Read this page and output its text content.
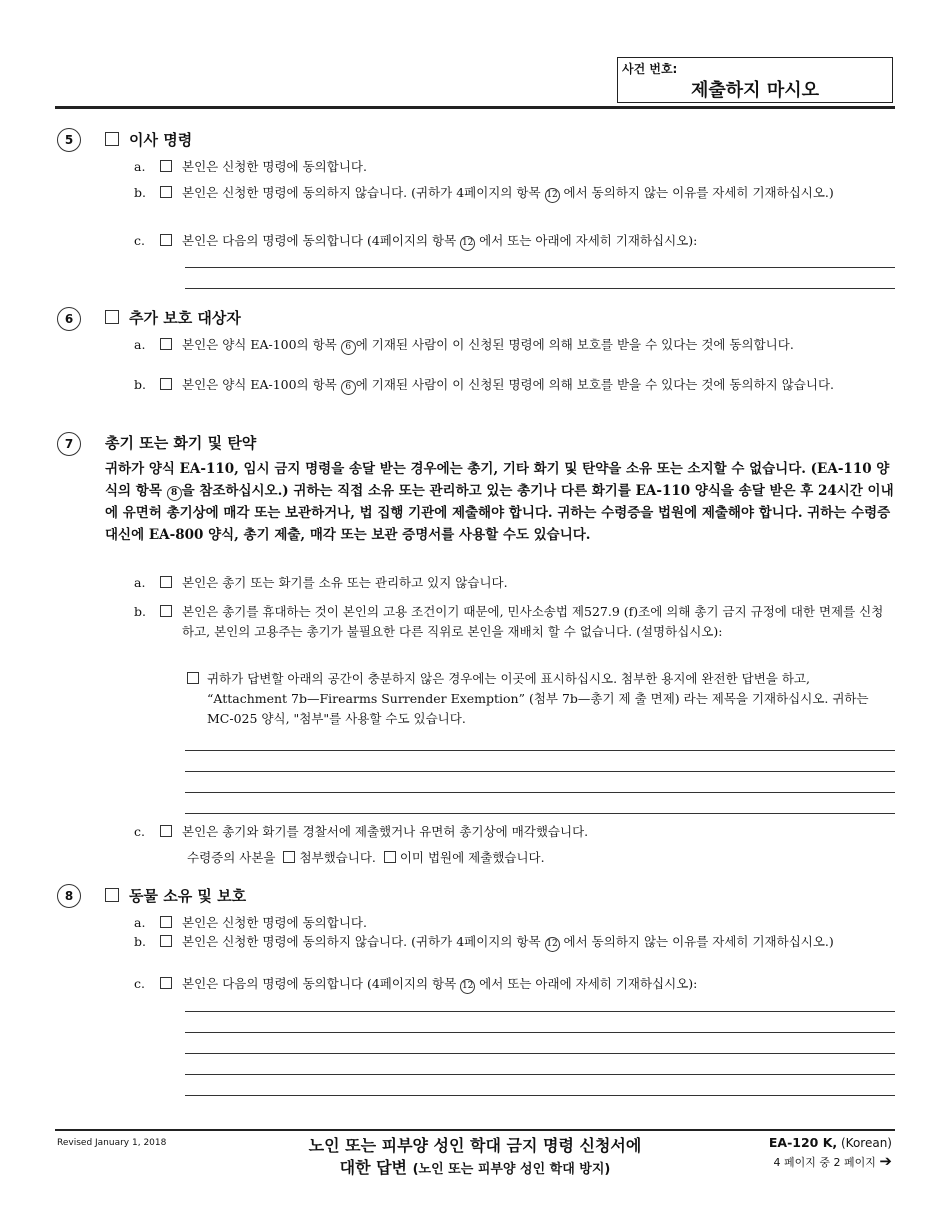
사건 번호:
제출하지 마시오
5	이사 명령
a.	본인은 신청한 명령에 동의합니다.
b.	본인은 신청한 명령에 동의하지 않습니다. (귀하가 4페이지의 항목 12 에서 동의하지 않는 이유를 자세히 기재하십시오.)
c.	본인은 다음의 명령에 동의합니다 (4페이지의 항목 12 에서 또는 아래에 자세히 기재하십시오):
6	추가 보호 대상자
a.	본인은 양식 EA-100의 항목 6 에 기재된 사람이 이 신청된 명령에 의해 보호를 받을 수 있다는 것에 동의합니다.
b.	본인은 양식 EA-100의 항목 6 에 기재된 사람이 이 신청된 명령에 의해 보호를 받을 수 있다는 것에 동의하지 않습니다.
7	총기 또는 화기 및 탄약
귀하가 양식 EA-110, 임시 금지 명령을 송달 받는 경우에는 총기, 기타 화기 및 탄약을 소유 또는 소지할 수 없습니다. (EA-110 양식의 항목 8 을 참조하십시오.) 귀하는 직접 소유 또는 관리하고 있는 총기나 다른 화기를 EA-110 양식을 송달 받은 후 24시간 이내에 유면허 총기상에 매각 또는 보관하거나, 법 집행 기관에 제출해야 합니다. 귀하는 수령증을 법원에 제출해야 합니다. 귀하는 수령증 대신에 EA-800 양식, 총기 제출, 매각 또는 보관 증명서를 사용할 수도 있습니다.
a.	본인은 총기 또는 화기를 소유 또는 관리하고 있지 않습니다.
b.	본인은 총기를 휴대하는 것이 본인의 고용 조건이기 때문에, 민사소송법 제527.9 (f)조에 의해 총기 금지 규정에 대한 면제를 신청하고, 본인의 고용주는 총기가 불필요한 다른 직위로 본인을 재배치 할 수 없습니다. (설명하십시오):
귀하가 답변할 아래의 공간이 충분하지 않은 경우에는 이곳에 표시하십시오. 첨부한 용지에 완전한 답변을 하고, “Attachment 7b—Firearms Surrender Exemption” (첨부 7b—총기 제 출 면제) 라는 제목을 기재하십시오. 귀하는 MC-025 양식, "첨부"를 사용할 수도 있습니다.
c.	본인은 총기와 화기를 경찰서에 제출했거나 유면허 총기상에 매각했습니다.
수령증의 사본을 첨부했습니다. 이미 법원에 제출했습니다.
8	동물 소유 및 보호
a.	본인은 신청한 명령에 동의합니다.
b.	본인은 신청한 명령에 동의하지 않습니다. (귀하가 4페이지의 항목 12 에서 동의하지 않는 이유를 자세히 기재하십시오.)
c.	본인은 다음의 명령에 동의합니다 (4페이지의 항목 12 에서 또는 아래에 자세히 기재하십시오):
Revised January 1, 2018	노인 또는 피부양 성인 학대 금지 명령 신청서에
대한 답변 (노인 또는 피부양 성인 학대 방지)
EA-120 K, (Korean)
4 페이지 중 2 페이지 ➔
